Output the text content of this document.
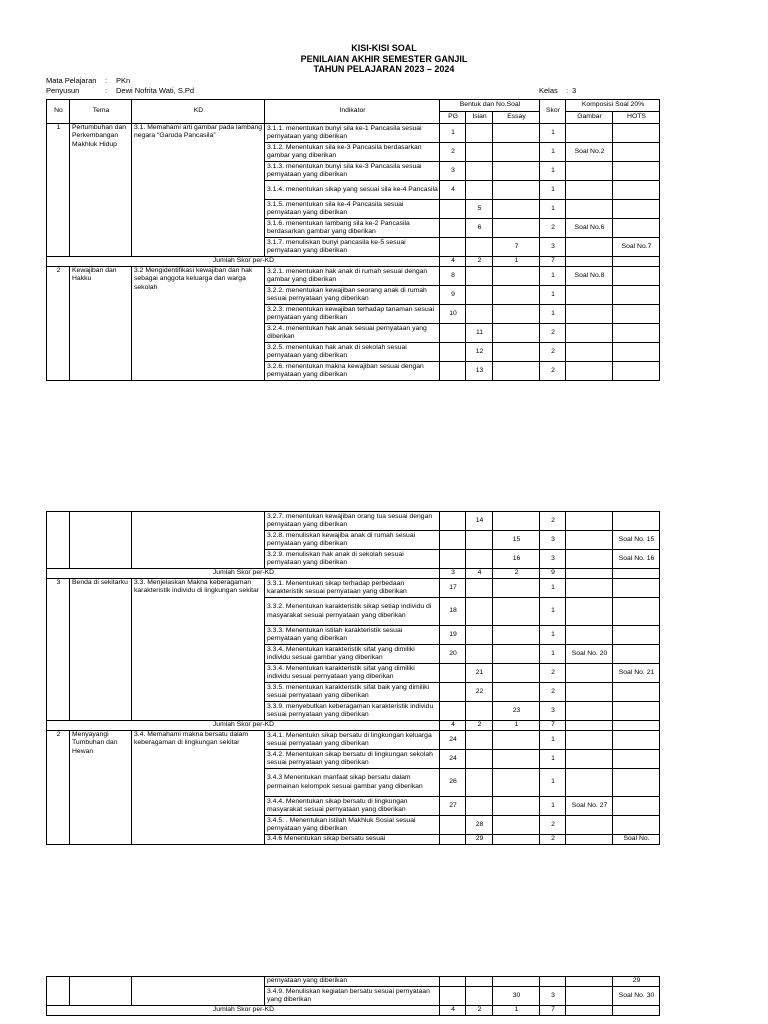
KISI-KISI SOAL
PENILAIAN AKHIR SEMESTER GANJIL
TAHUN PELAJARAN 2023 – 2024
Mata Pelajaran : PKn
Penyusun	: Dewi Nofrita Wati, S.Pd	Kelas : 3
No	Tema	KD	Indikator	Bentuk dan No.Soal			Skor	Komposisi Soal 20%	
				PG	Isian	Essay		Gambar	HOTS
1	Pertumbuhan dan Perkembangan Makhluk Hidup	3.1. Memahami arti gambar pada lambang negara “Garuda Pancasila”	3.1.1. menentukan bunyi sila ke-1 Pancasila sesuai pernyataan yang diberikan	1			1		
			3.1.2. Menentukan sila ke-3 Pancasila berdasarkan gambar yang diberikan	2			1	Soal No.2	
			3.1.3. menentukan bunyi sila ke-3 Pancasila sesuai pernyataan yang diberikan	3			1		
			3.1.4. menentukan sikap yang sesuai sila ke-4 Pancasila	4			1		
			3.1.5. menentukan sila ke-4 Pancasila sesuai pernyataan yang diberikan		5		1		
			3.1.6. menentukan lambang sila ke-2 Pancasila berdasarkan gambar yang diberikan		6		2	Soal No.6	
			3.1.7. menuliskan bunyi pancasila ke-5 sesuai pernyataan yang diberikan			7	3		Soal No.7
Jumlah Skor per-KD				4	2	1	7		
2	Kewajiban dan Hakku	3.2 Mengidentifikasi kewajiban dan hak sebagai anggota keluarga dan warga sekolah	3.2.1. menentukan hak anak di rumah sesuai dengan gambar yang diberikan	8			1	Soal No.8	
			3.2.2. menentukan kewajiban seorang anak di rumah sesuai pernyataan yang diberikan	9			1		
			3.2.3. menentukan kewajiban terhadap tanaman sesuai pernyataan yang diberikan	10			1		
			3.2.4. menentukan hak anak sesuai pernyataan yang diberikan		11		2		
			3.2.5. menentukan hak anak di sekolah sesuai pernyataan yang diberikan		12		2		
			3.2.6. menentukan makna kewajiban sesuai dengan pernyataan yang diberikan		13		2		
			3.2.7. menentukan kewajiban orang tua sesuai dengan pernyataan yang diberikan		14		2		
			3.2.8. menuliskan kewajiba anak di rumah sesuai pernyataan yang diberikan			15	3		Soal No. 15
			3.2.9. menuliskan hak anak di sekolah sesuai pernyataan yang diberikan			16	3		Soal No. 16
Jumlah Skor per-KD				3	4	2	9		
3	Benda di sekitarku	3.3. Menjelaskan Makna keberagaman karakteristik individu di lingkungan sekitar	3.3.1. Menentukan sikap terhadap perbedaan karakteristik sesuai pernyataan yang diberikan	17			1		
			3.3.2. Menentukan karakteristik sikap setiap individu di masyarakat sesuai pernyataan yang diberikan	18			1		
			3.3.3. Menentukan istilah karakteristik sesuai pernyataan yang diberikan	19			1		
			3.3.4. Menentukan karakteristik sifat yang dimiliki individu sesuai gambar yang diberikan	20			1	Soal No. 20	
			3.3.4. Menentukan karakteristik sifat yang dimiliki individu sesuai pernyataan yang diberikan		21		2		Soal No. 21
			3.3.5. menentukan karakteristik sifat baik yang dimiliki sesuai pernyataan yang diberikan		22		2		
			3.3.9. menyebutkan keberagaman karakteristik individu sesuai pernyataan yang diberikan			23	3		
Jumlah Skor per-KD				4	2	1	7		
2	Menyayangi Tumbuhan dan Hewan	3.4. Memahami makna bersatu dalam keberagaman di lingkungan sekitar	3.4.1. Menentukn sikap bersatu di lingkungan keluarga sesuai pernyataan yang diberikan	24			1		
			3.4.2. Menentukan sikap bersatu di lingkungan sekolah sesuai pernyataan yang diberikan	24			1		
			3.4.3 Menentukan manfaat sikap bersatu dalam permainan kelompok sesuai gambar yang diberikan	26			1		
			3.4.4. Menentukan sikap bersatu di lingkungan masyarakat sesuai pernyataan yang diberikan	27			1	Soal No. 27	
			3.4.5. . Menentukan istilah Makhluk Sosial sesuai pernyataan yang diberikan		28		2		
			3.4.6 Menentukan sikap bersatu sesuai		29		2		Soal No.
			pernyataan yang diberikan						29
			3.4.9. Menuliskan kegiatan bersatu sesuai pernyataan yang diberikan			30	3		Soal No. 30
Jumlah Skor per-KD				4	2	1	7		
